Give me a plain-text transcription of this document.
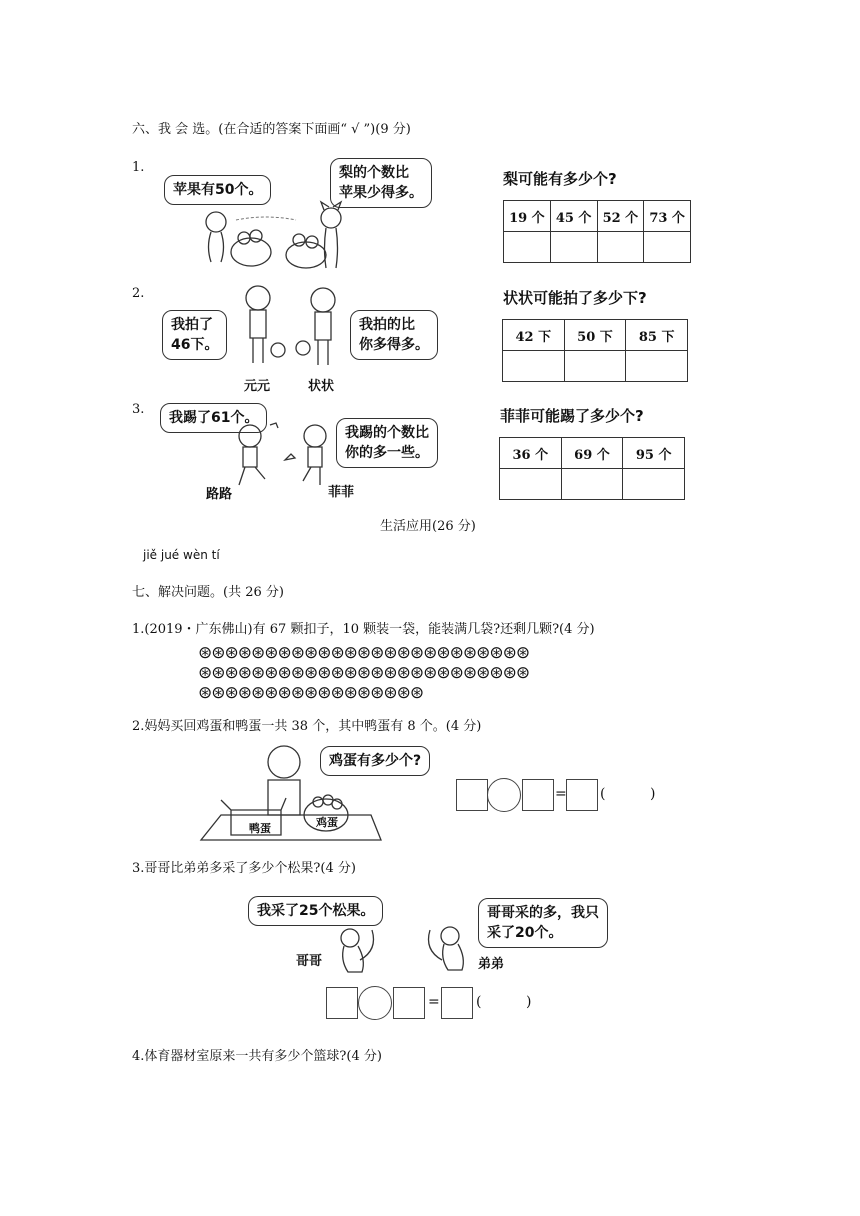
六、我 会 选。(在合适的答案下面画“ √ ”)(9 分)
1.
苹果有50个。
梨的个数比
苹果少得多。
梨可能有多少个?
19 个	45 个	52 个	73 个

2.
我拍了
46下。
我拍的比
你多得多。
元元	状状
状状可能拍了多少下?
42 下	50 下	85 下

3.
我踢了61个。
我踢的个数比
你的多一些。
路路	菲菲
菲菲可能踢了多少个?
36 个	69 个	95 个

生活应用(26 分)
jiě jué wèn tí
七、解决问题。(共 26 分)
1.(2019・广东佛山)有 67 颗扣子，10 颗装一袋，能装满几袋?还剩几颗?(4 分)
⊛⊛⊛⊛⊛⊛⊛⊛⊛⊛⊛⊛⊛⊛⊛⊛⊛⊛⊛⊛⊛⊛⊛⊛⊛
⊛⊛⊛⊛⊛⊛⊛⊛⊛⊛⊛⊛⊛⊛⊛⊛⊛⊛⊛⊛⊛⊛⊛⊛⊛
⊛⊛⊛⊛⊛⊛⊛⊛⊛⊛⊛⊛⊛⊛⊛⊛⊛
2.妈妈买回鸡蛋和鸭蛋一共 38 个，其中鸭蛋有 8 个。(4 分)
鸭蛋	鸡蛋
鸡蛋有多少个?
= (          )
3.哥哥比弟弟多采了多少个松果?(4 分)
我采了25个松果。	哥哥采的多，我只
采了20个。
哥哥	弟弟
=	(          )
4.体育器材室原来一共有多少个篮球?(4 分)
